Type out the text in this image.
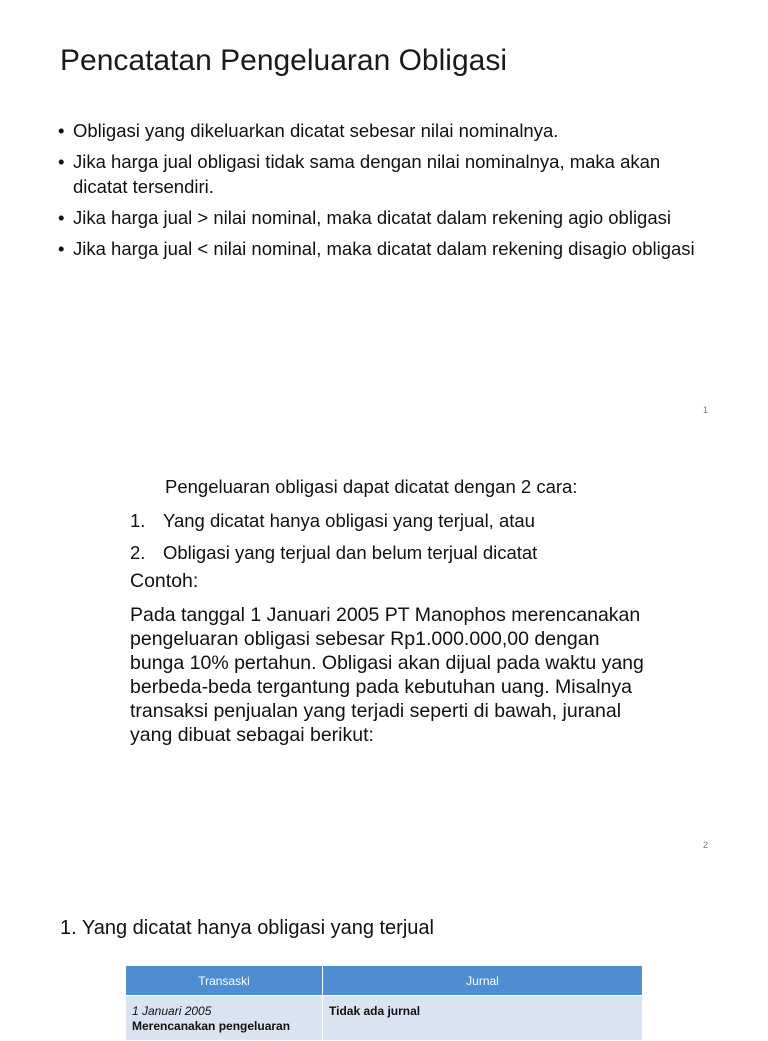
Pencatatan Pengeluaran Obligasi
• Obligasi yang dikeluarkan dicatat sebesar nilai nominalnya.
• Jika harga jual obligasi tidak sama dengan nilai nominalnya, maka akan dicatat tersendiri.
• Jika harga jual > nilai nominal, maka dicatat dalam rekening agio obligasi
• Jika harga jual < nilai nominal, maka dicatat dalam rekening disagio obligasi
1
Pengeluaran obligasi dapat dicatat dengan 2 cara:
1. Yang dicatat hanya obligasi yang terjual, atau
2. Obligasi yang terjual dan belum terjual dicatat
Contoh:

Pada tanggal 1 Januari 2005 PT Manophos merencanakan pengeluaran obligasi sebesar Rp1.000.000,00 dengan bunga 10% pertahun. Obligasi akan dijual pada waktu yang berbeda-beda tergantung pada kebutuhan uang. Misalnya transaksi penjualan yang terjadi seperti di bawah, juranal yang dibuat sebagai berikut:

2
1. Yang dicatat hanya obligasi yang terjual
Transaski	Jurnal

1 Januari 2005
Merencanakan pengeluaran	Tidak ada jurnal
